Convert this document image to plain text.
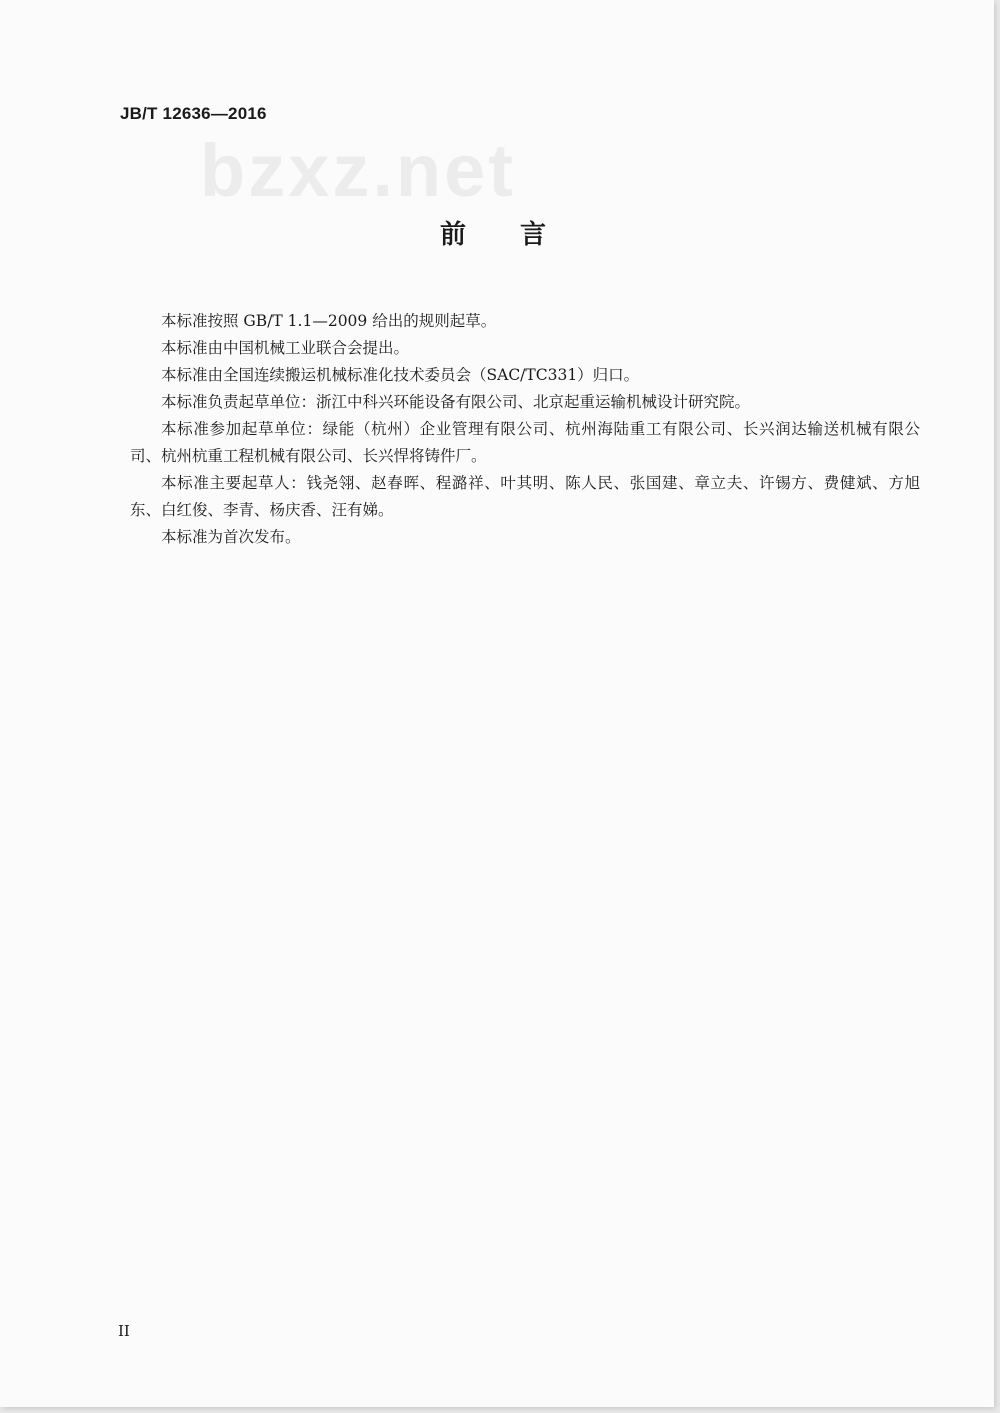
JB/T 12636—2016
bzxz.net
前言

本标准按照 GB/T 1.1—2009 给出的规则起草。

本标准由中国机械工业联合会提出。

本标准由全国连续搬运机械标准化技术委员会（SAC/TC331）归口。

本标准负责起草单位：浙江中科兴环能设备有限公司、北京起重运输机械设计研究院。

本标准参加起草单位：绿能（杭州）企业管理有限公司、杭州海陆重工有限公司、长兴润达输送机械有限公司、杭州杭重工程机械有限公司、长兴悍将铸件厂。

本标准主要起草人：钱尧翎、赵春晖、程潞祥、叶其明、陈人民、张国建、章立夫、许锡方、费健斌、方旭东、白红俊、李青、杨庆香、汪有娣。

本标准为首次发布。

II
